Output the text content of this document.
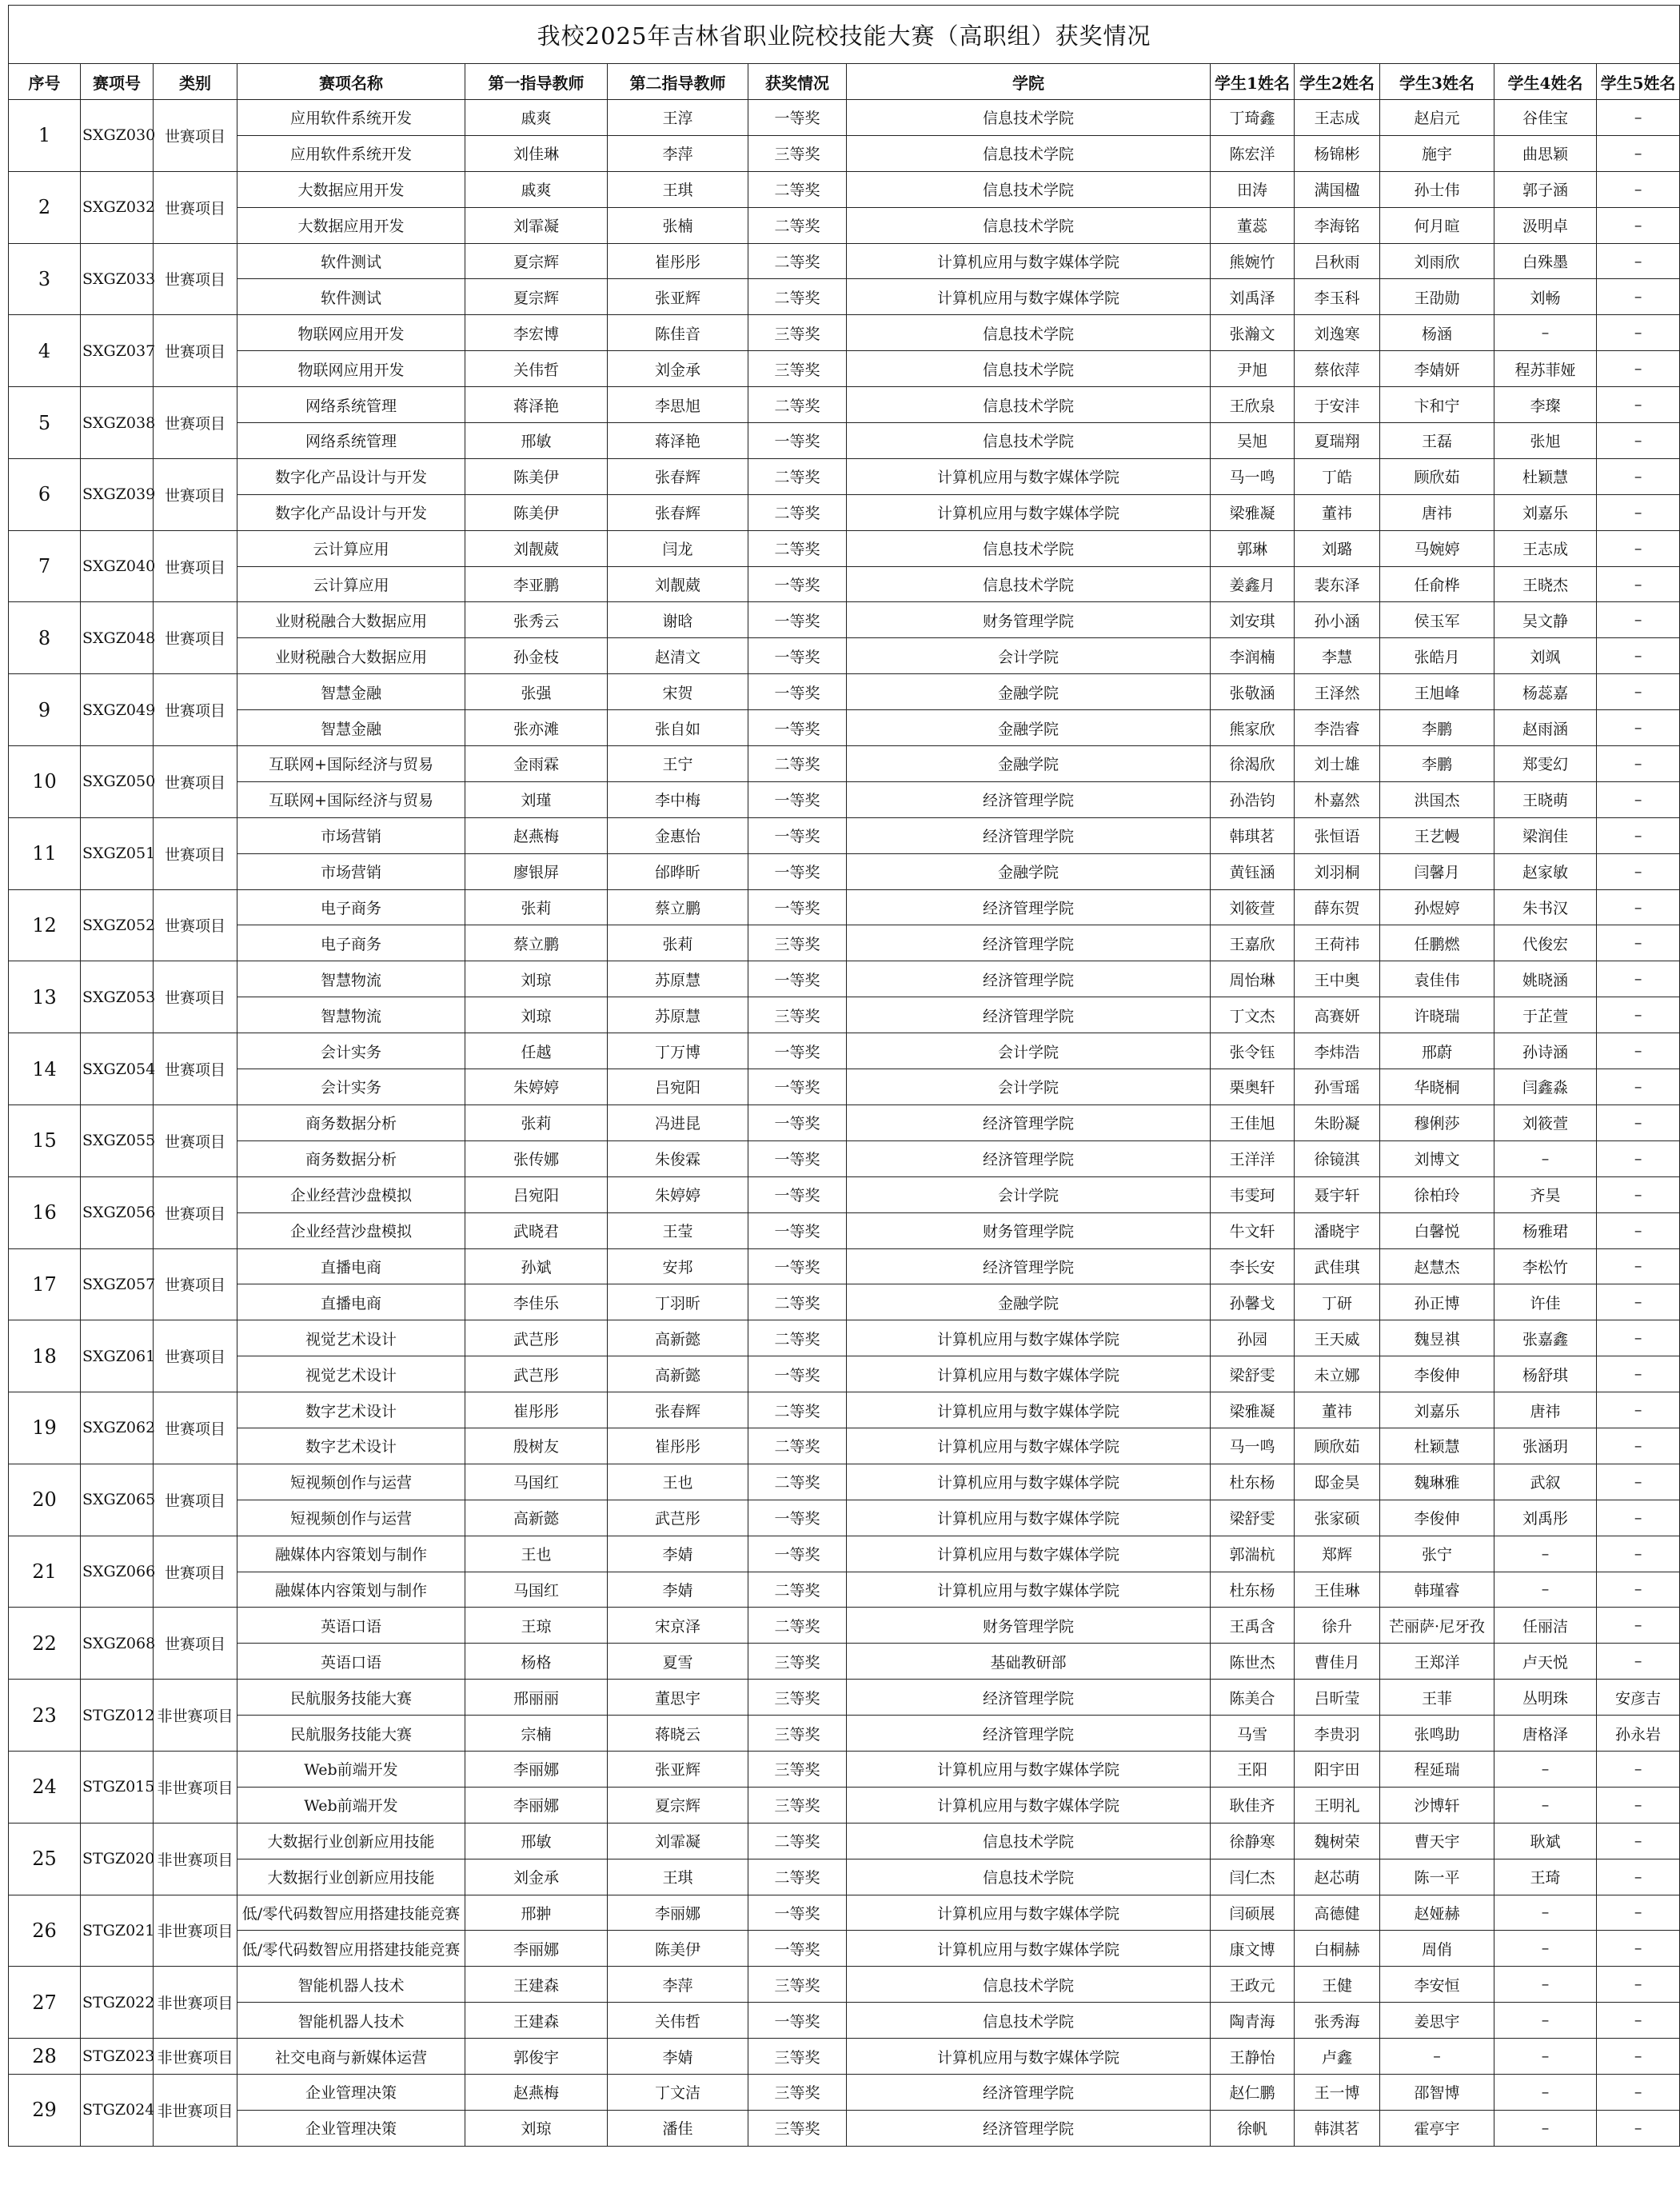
我校2025年吉林省职业院校技能大赛（高职组）获奖情况												
序号	赛项号	类别	赛项名称	第一指导教师	第二指导教师	获奖情况	学院	学生1姓名	学生2姓名	学生3姓名	学生4姓名	学生5姓名
1	SXGZ030	世赛项目	应用软件系统开发	戚爽	王淳	一等奖	信息技术学院	丁琦鑫	王志成	赵启元	谷佳宝	–
			应用软件系统开发	刘佳琳	李萍	三等奖	信息技术学院	陈宏洋	杨锦彬	施宇	曲思颖	–
2	SXGZ032	世赛项目	大数据应用开发	戚爽	王琪	二等奖	信息技术学院	田涛	满国楹	孙士伟	郭子涵	–
			大数据应用开发	刘霏凝	张楠	二等奖	信息技术学院	董蕊	李海铭	何月暄	汲明卓	–
3	SXGZ033	世赛项目	软件测试	夏宗辉	崔彤彤	二等奖	计算机应用与数字媒体学院	熊婉竹	吕秋雨	刘雨欣	白殊墨	–
			软件测试	夏宗辉	张亚辉	二等奖	计算机应用与数字媒体学院	刘禹泽	李玉科	王劭勋	刘畅	–
4	SXGZ037	世赛项目	物联网应用开发	李宏博	陈佳音	三等奖	信息技术学院	张瀚文	刘逸寒	杨涵	–	–
			物联网应用开发	关伟哲	刘金承	三等奖	信息技术学院	尹旭	蔡依萍	李婧妍	程苏菲娅	–
5	SXGZ038	世赛项目	网络系统管理	蒋泽艳	李思旭	二等奖	信息技术学院	王欣泉	于安沣	卞和宁	李璨	–
			网络系统管理	邢敏	蒋泽艳	一等奖	信息技术学院	吴旭	夏瑞翔	王磊	张旭	–
6	SXGZ039	世赛项目	数字化产品设计与开发	陈美伊	张春辉	二等奖	计算机应用与数字媒体学院	马一鸣	丁皓	顾欣茹	杜颖慧	–
			数字化产品设计与开发	陈美伊	张春辉	二等奖	计算机应用与数字媒体学院	梁雅凝	董祎	唐祎	刘嘉乐	–
7	SXGZ040	世赛项目	云计算应用	刘靓葳	闫龙	二等奖	信息技术学院	郭琳	刘璐	马婉婷	王志成	–
			云计算应用	李亚鹏	刘靓葳	一等奖	信息技术学院	姜鑫月	裴东泽	任俞桦	王晓杰	–
8	SXGZ048	世赛项目	业财税融合大数据应用	张秀云	谢晗	一等奖	财务管理学院	刘安琪	孙小涵	侯玉军	吴文静	–
			业财税融合大数据应用	孙金枝	赵清文	一等奖	会计学院	李润楠	李慧	张皓月	刘飒	–
9	SXGZ049	世赛项目	智慧金融	张强	宋贺	一等奖	金融学院	张敬涵	王泽然	王旭峰	杨蕊嘉	–
			智慧金融	张亦滩	张自如	一等奖	金融学院	熊家欣	李浩睿	李鹏	赵雨涵	–
10	SXGZ050	世赛项目	互联网+国际经济与贸易	金雨霖	王宁	二等奖	金融学院	徐渴欣	刘士雄	李鹏	郑雯幻	–
			互联网+国际经济与贸易	刘瑾	李中梅	一等奖	经济管理学院	孙浩钧	朴嘉然	洪国杰	王晓萌	–
11	SXGZ051	世赛项目	市场营销	赵燕梅	金惠怡	一等奖	经济管理学院	韩琪茗	张恒语	王艺幔	梁润佳	–
			市场营销	廖银屏	邰晔昕	一等奖	金融学院	黄钰涵	刘羽桐	闫馨月	赵家敏	–
12	SXGZ052	世赛项目	电子商务	张莉	蔡立鹏	一等奖	经济管理学院	刘筱萱	薛东贺	孙煜婷	朱书汉	–
			电子商务	蔡立鹏	张莉	三等奖	经济管理学院	王嘉欣	王荷祎	任鹏燃	代俊宏	–
13	SXGZ053	世赛项目	智慧物流	刘琼	苏原慧	一等奖	经济管理学院	周怡琳	王中奥	袁佳伟	姚晓涵	–
			智慧物流	刘琼	苏原慧	三等奖	经济管理学院	丁文杰	高赛妍	许晓瑞	于芷萱	–
14	SXGZ054	世赛项目	会计实务	任越	丁万博	一等奖	会计学院	张令钰	李炜浩	邢蔚	孙诗涵	–
			会计实务	朱婷婷	吕宛阳	一等奖	会计学院	栗奥轩	孙雪瑶	华晓桐	闫鑫淼	–
15	SXGZ055	世赛项目	商务数据分析	张莉	冯进昆	一等奖	经济管理学院	王佳旭	朱盼凝	穆俐莎	刘筱萱	–
			商务数据分析	张传娜	朱俊霖	一等奖	经济管理学院	王洋洋	徐镜淇	刘博文	–	–
16	SXGZ056	世赛项目	企业经营沙盘模拟	吕宛阳	朱婷婷	一等奖	会计学院	韦雯珂	聂宇轩	徐柏玲	齐昊	–
			企业经营沙盘模拟	武晓君	王莹	一等奖	财务管理学院	牛文轩	潘晓宇	白馨悦	杨雅珺	–
17	SXGZ057	世赛项目	直播电商	孙斌	安邦	一等奖	经济管理学院	李长安	武佳琪	赵慧杰	李松竹	–
			直播电商	李佳乐	丁羽昕	二等奖	金融学院	孙馨戈	丁研	孙正博	许佳	–
18	SXGZ061	世赛项目	视觉艺术设计	武芑彤	高新懿	二等奖	计算机应用与数字媒体学院	孙园	王天威	魏昱祺	张嘉鑫	–
			视觉艺术设计	武芑彤	高新懿	一等奖	计算机应用与数字媒体学院	梁舒雯	未立娜	李俊伸	杨舒琪	–
19	SXGZ062	世赛项目	数字艺术设计	崔彤彤	张春辉	二等奖	计算机应用与数字媒体学院	梁雅凝	董祎	刘嘉乐	唐祎	–
			数字艺术设计	殷树友	崔彤彤	二等奖	计算机应用与数字媒体学院	马一鸣	顾欣茹	杜颖慧	张涵玥	–
20	SXGZ065	世赛项目	短视频创作与运营	马国红	王也	二等奖	计算机应用与数字媒体学院	杜东杨	邸金昊	魏琳雅	武叙	–
			短视频创作与运营	高新懿	武芑彤	一等奖	计算机应用与数字媒体学院	梁舒雯	张家硕	李俊伸	刘禹彤	–
21	SXGZ066	世赛项目	融媒体内容策划与制作	王也	李婧	一等奖	计算机应用与数字媒体学院	郭湍杭	郑辉	张宁	–	–
			融媒体内容策划与制作	马国红	李婧	二等奖	计算机应用与数字媒体学院	杜东杨	王佳琳	韩瑾睿	–	–
22	SXGZ068	世赛项目	英语口语	王琼	宋京泽	二等奖	财务管理学院	王禹含	徐升	芒丽萨·尼牙孜	任丽洁	–
			英语口语	杨格	夏雪	三等奖	基础教研部	陈世杰	曹佳月	王郑洋	卢天悦	–
23	STGZ012	非世赛项目	民航服务技能大赛	邢丽丽	董思宇	三等奖	经济管理学院	陈美合	吕昕莹	王菲	丛明珠	安彦吉
			民航服务技能大赛	宗楠	蒋晓云	三等奖	经济管理学院	马雪	李贵羽	张鸣助	唐格泽	孙永岩
24	STGZ015	非世赛项目	Web前端开发	李丽娜	张亚辉	三等奖	计算机应用与数字媒体学院	王阳	阳宇田	程延瑞	–	–
			Web前端开发	李丽娜	夏宗辉	三等奖	计算机应用与数字媒体学院	耿佳齐	王明礼	沙博轩	–	–
25	STGZ020	非世赛项目	大数据行业创新应用技能	邢敏	刘霏凝	二等奖	信息技术学院	徐静寒	魏树荣	曹天宇	耿斌	–
			大数据行业创新应用技能	刘金承	王琪	二等奖	信息技术学院	闫仁杰	赵芯萌	陈一平	王琦	–
26	STGZ021	非世赛项目	低/零代码数智应用搭建技能竞赛	邢翀	李丽娜	一等奖	计算机应用与数字媒体学院	闫硕展	高德健	赵娅赫	–	–
			低/零代码数智应用搭建技能竞赛	李丽娜	陈美伊	一等奖	计算机应用与数字媒体学院	康文博	白桐赫	周俏	–	–
27	STGZ022	非世赛项目	智能机器人技术	王建森	李萍	三等奖	信息技术学院	王政元	王健	李安恒	–	–
			智能机器人技术	王建森	关伟哲	一等奖	信息技术学院	陶青海	张秀海	姜思宇	–	–
28	STGZ023	非世赛项目	社交电商与新媒体运营	郭俊宇	李婧	三等奖	计算机应用与数字媒体学院	王静怡	卢鑫	–	–	–
29	STGZ024	非世赛项目	企业管理决策	赵燕梅	丁文洁	三等奖	经济管理学院	赵仁鹏	王一博	邵智博	–	–
			企业管理决策	刘琼	潘佳	三等奖	经济管理学院	徐帆	韩淇茗	霍亭宇	–	–
